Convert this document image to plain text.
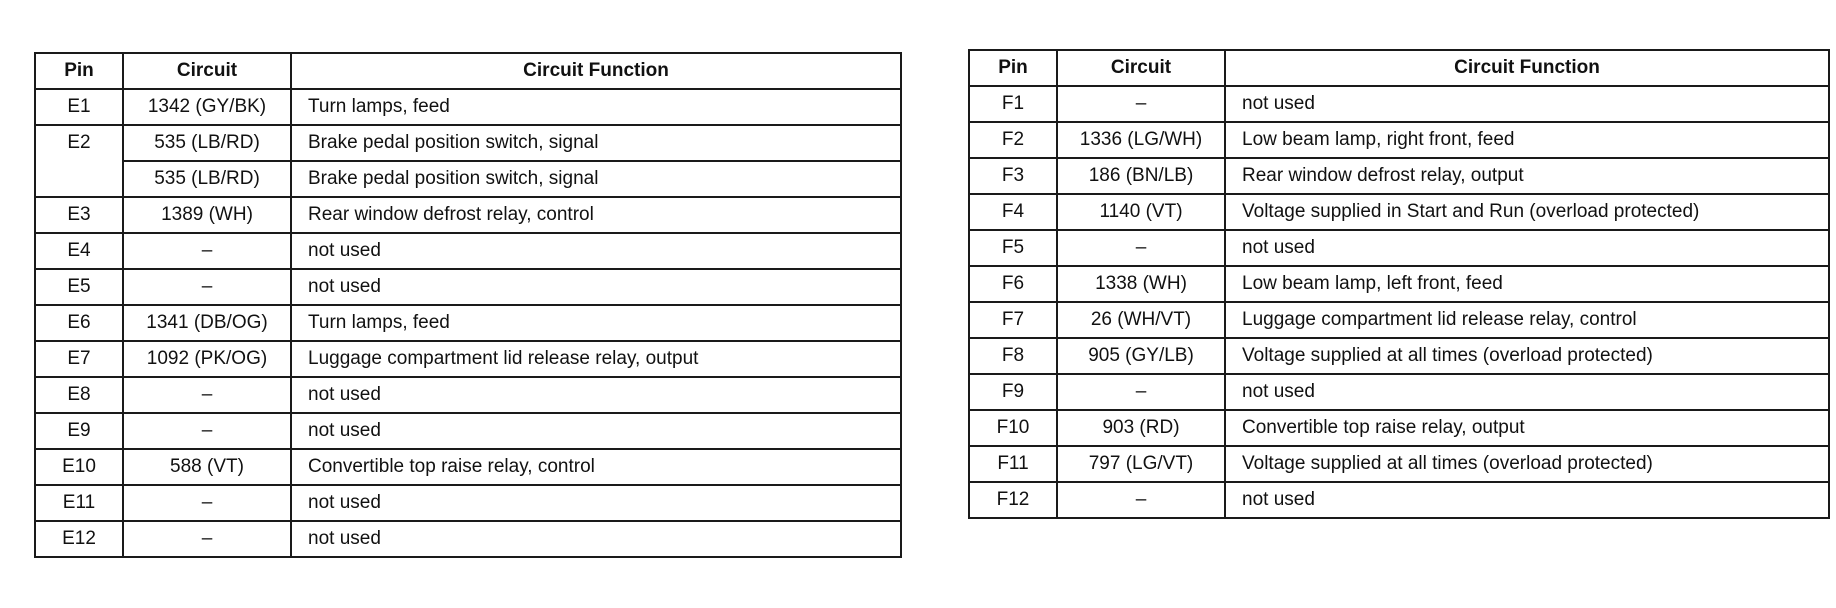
Pin	Circuit	Circuit Function
E1	1342 (GY/BK)	Turn lamps, feed
E2	535 (LB/RD)	Brake pedal position switch, signal
	535 (LB/RD)	Brake pedal position switch, signal
E3	1389 (WH)	Rear window defrost relay, control
E4	–	not used
E5	–	not used
E6	1341 (DB/OG)	Turn lamps, feed
E7	1092 (PK/OG)	Luggage compartment lid release relay, output
E8	–	not used
E9	–	not used
E10	588 (VT)	Convertible top raise relay, control
E11	–	not used
E12	–	not used
Pin	Circuit	Circuit Function
F1	–	not used
F2	1336 (LG/WH)	Low beam lamp, right front, feed
F3	186 (BN/LB)	Rear window defrost relay, output
F4	1140 (VT)	Voltage supplied in Start and Run (overload protected)
F5	–	not used
F6	1338 (WH)	Low beam lamp, left front, feed
F7	26 (WH/VT)	Luggage compartment lid release relay, control
F8	905 (GY/LB)	Voltage supplied at all times (overload protected)
F9	–	not used
F10	903 (RD)	Convertible top raise relay, output
F11	797 (LG/VT)	Voltage supplied at all times (overload protected)
F12	–	not used
